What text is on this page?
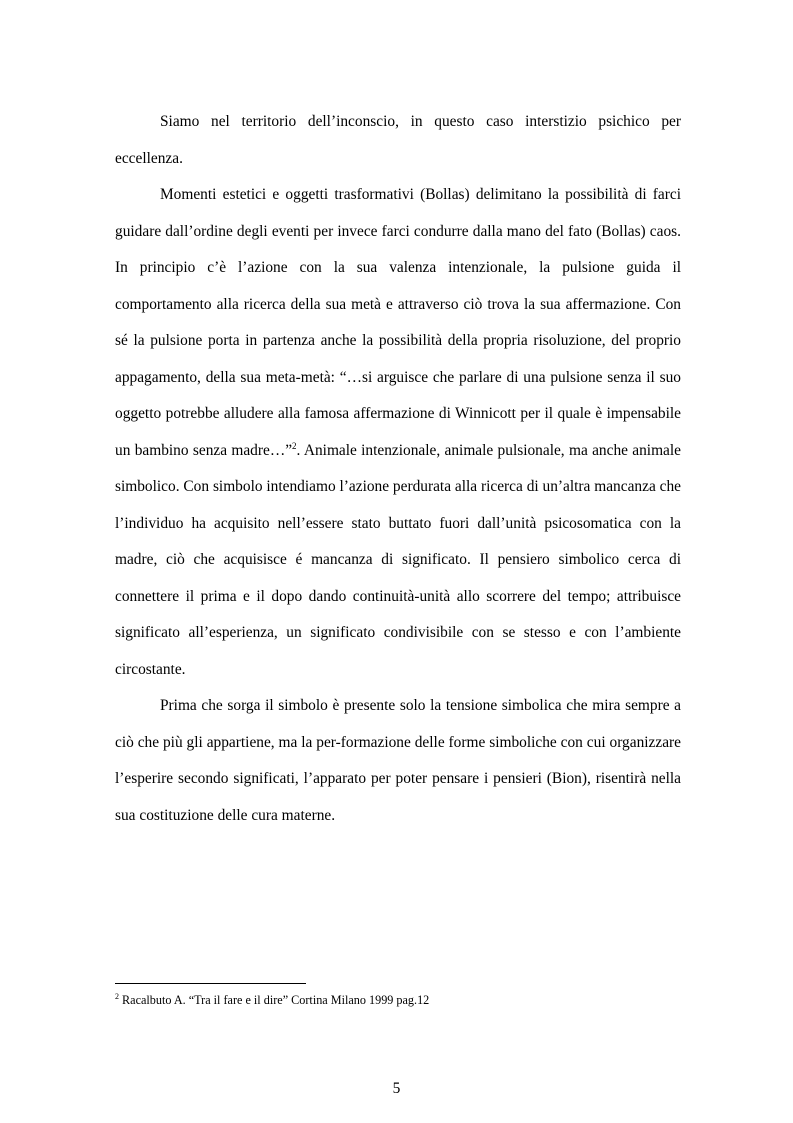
Siamo nel territorio dell’inconscio, in questo caso interstizio psichico per eccellenza.

Momenti estetici e oggetti trasformativi (Bollas) delimitano la possibilità di farci guidare dall’ordine degli eventi per invece farci condurre dalla mano del fato (Bollas) caos. In principio c’è l’azione con la sua valenza intenzionale, la pulsione guida il comportamento alla ricerca della sua metà e attraverso ciò trova la sua affermazione. Con sé la pulsione porta in partenza anche la possibilità della propria risoluzione, del proprio appagamento, della sua meta-metà: “…si arguisce che parlare di una pulsione senza il suo oggetto potrebbe alludere alla famosa affermazione di Winnicott per il quale è impensabile un bambino senza madre…”$^2$. Animale intenzionale, animale pulsionale, ma anche animale simbolico. Con simbolo intendiamo l’azione perdurata alla ricerca di un’altra mancanza che l’individuo ha acquisito nell’essere stato buttato fuori dall’unità psicosomatica con la madre, ciò che acquisisce é mancanza di significato. Il pensiero simbolico cerca di connettere il prima e il dopo dando continuità-unità allo scorrere del tempo; attribuisce significato all’esperienza, un significato condivisibile con se stesso e con l’ambiente circostante.

Prima che sorga il simbolo è presente solo la tensione simbolica che mira sempre a ciò che più gli appartiene, ma la per-formazione delle forme simboliche con cui organizzare l’esperire secondo significati, l’apparato per poter pensare i pensieri (Bion), risentirà nella sua costituzione delle cura materne.

$^2$ Racalbuto A. “Tra il fare e il dire” Cortina Milano 1999 pag.12
5
